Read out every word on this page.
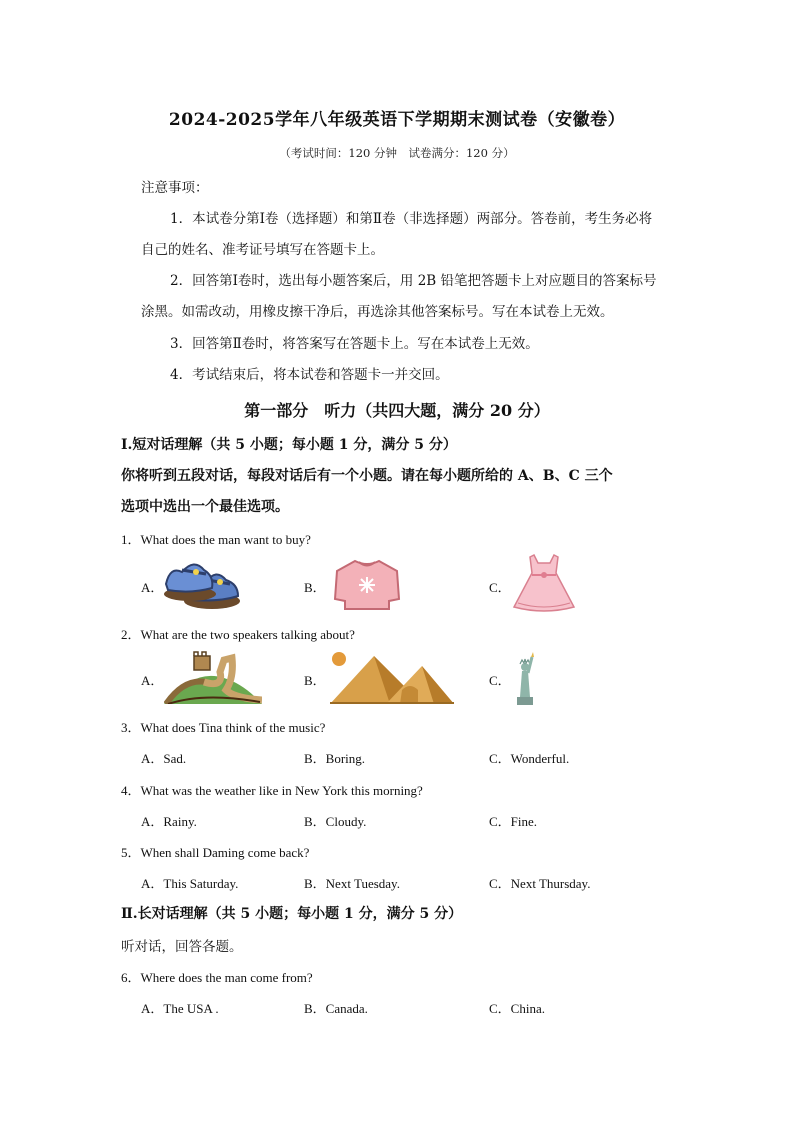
2024-2025学年八年级英语下学期期末测试卷（安徽卷）
（考试时间：120 分钟　试卷满分：120 分）
注意事项：
1．本试卷分第Ⅰ卷（选择题）和第Ⅱ卷（非选择题）两部分。答卷前，考生务必将
自己的姓名、准考证号填写在答题卡上。
2．回答第Ⅰ卷时，选出每小题答案后，用 2B 铅笔把答题卡上对应题目的答案标号
涂黑。如需改动，用橡皮擦干净后，再选涂其他答案标号。写在本试卷上无效。
3．回答第Ⅱ卷时，将答案写在答题卡上。写在本试卷上无效。
4．考试结束后，将本试卷和答题卡一并交回。
第一部分　听力（共四大题，满分 20 分）
Ⅰ.短对话理解（共 5 小题；每小题 1 分，满分 5 分）
你将听到五段对话，每段对话后有一个小题。请在每小题所给的 A、B、C 三个
选项中选出一个最佳选项。
1．What does the man want to buy?
A．	B．	C．
2．What are the two speakers talking about?
A．	B．	C．
3．What does Tina think of the music?
A．Sad.	B．Boring.	C．Wonderful.
4．What was the weather like in New York this morning?
A．Rainy.	B．Cloudy.	C．Fine.
5．When shall Daming come back?
A．This Saturday.	B．Next Tuesday.	C．Next Thursday.
Ⅱ.长对话理解（共 5 小题；每小题 1 分，满分 5 分）
听对话，回答各题。
6．Where does the man come from?
A．The USA .	B．Canada.	C．China.
